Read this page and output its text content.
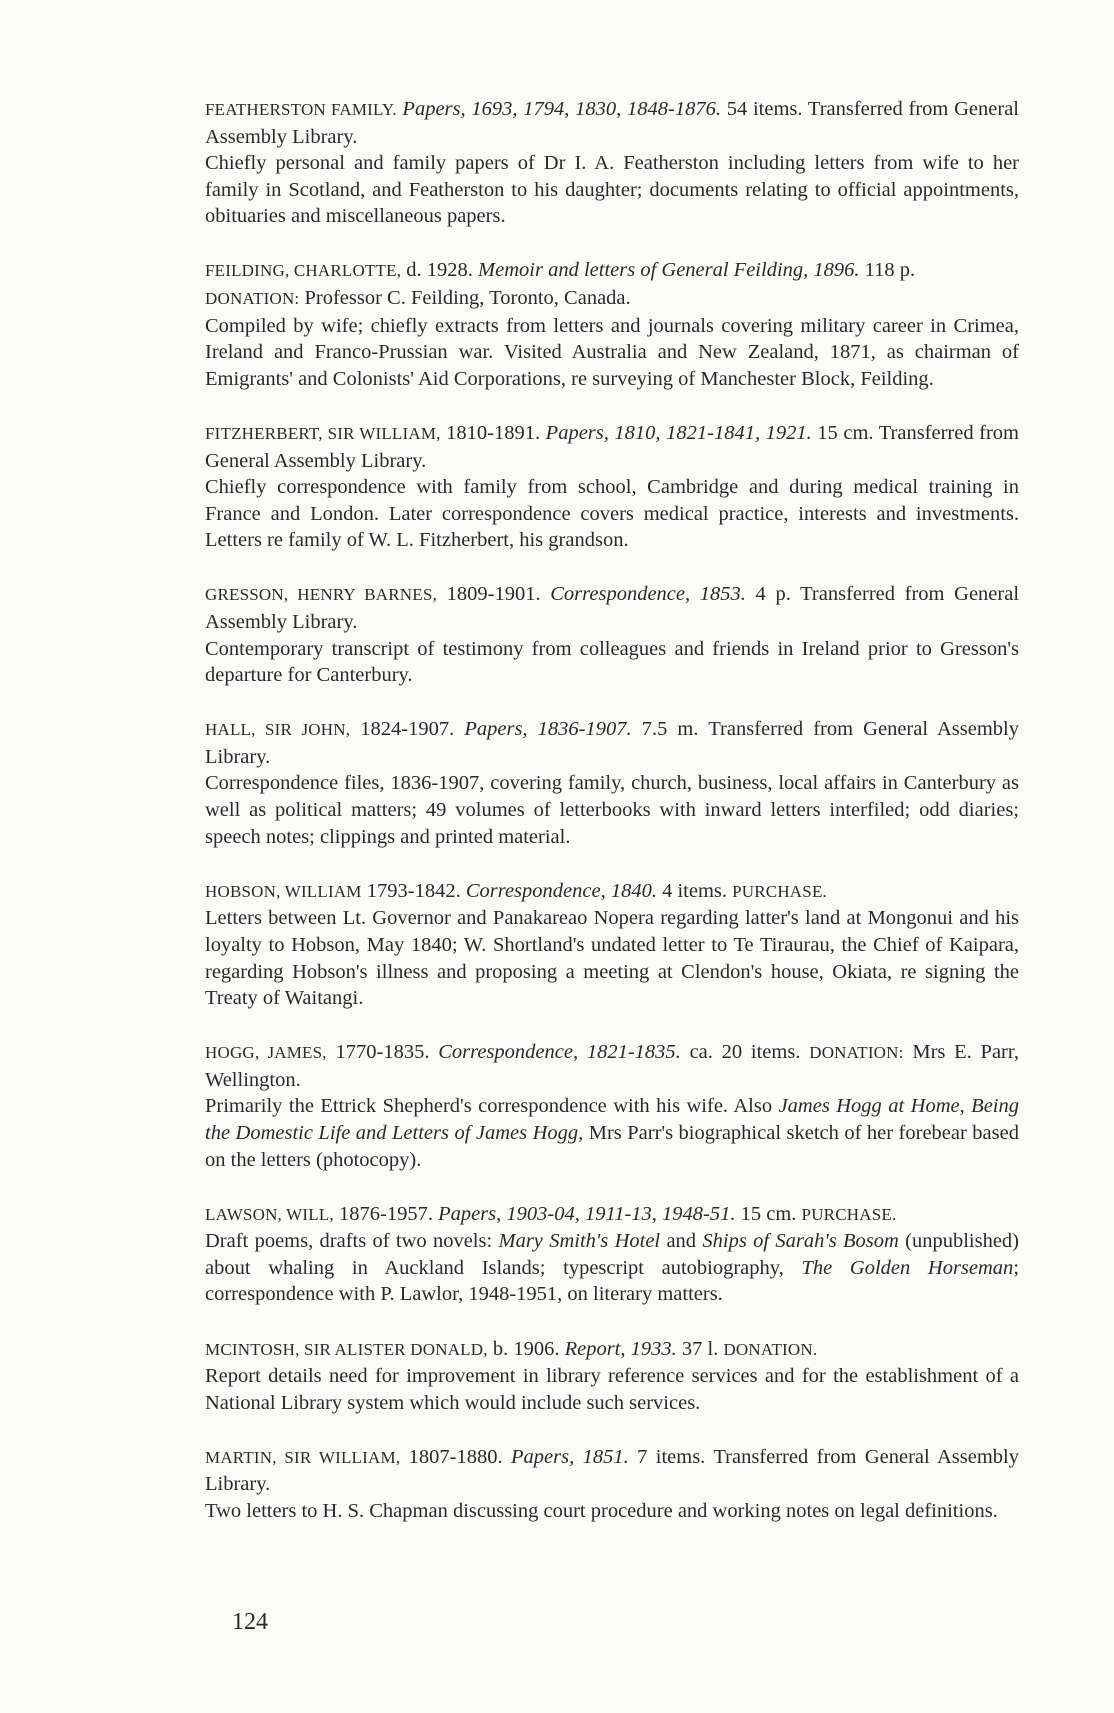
FEATHERSTON FAMILY. Papers, 1693, 1794, 1830, 1848-1876. 54 items. Transferred from General Assembly Library.

Chiefly personal and family papers of Dr I. A. Featherston including letters from wife to her family in Scotland, and Featherston to his daughter; documents relating to official appointments, obituaries and miscellaneous papers.

FEILDING, CHARLOTTE, d. 1928. Memoir and letters of General Feilding, 1896. 118 p.

DONATION: Professor C. Feilding, Toronto, Canada.

Compiled by wife; chiefly extracts from letters and journals covering military career in Crimea, Ireland and Franco-Prussian war. Visited Australia and New Zealand, 1871, as chairman of Emigrants' and Colonists' Aid Corporations, re surveying of Manchester Block, Feilding.

FITZHERBERT, SIR WILLIAM, 1810-1891. Papers, 1810, 1821-1841, 1921. 15 cm. Transferred from General Assembly Library.

Chiefly correspondence with family from school, Cambridge and during medical training in France and London. Later correspondence covers medical practice, interests and investments. Letters re family of W. L. Fitzherbert, his grandson.

GRESSON, HENRY BARNES, 1809-1901. Correspondence, 1853. 4 p. Transferred from General Assembly Library.

Contemporary transcript of testimony from colleagues and friends in Ireland prior to Gresson's departure for Canterbury.

HALL, SIR JOHN, 1824-1907. Papers, 1836-1907. 7.5 m. Transferred from General Assembly Library.

Correspondence files, 1836-1907, covering family, church, business, local affairs in Canterbury as well as political matters; 49 volumes of letterbooks with inward letters interfiled; odd diaries; speech notes; clippings and printed material.

HOBSON, WILLIAM 1793-1842. Correspondence, 1840. 4 items. PURCHASE.

Letters between Lt. Governor and Panakareao Nopera regarding latter's land at Mongonui and his loyalty to Hobson, May 1840; W. Shortland's undated letter to Te Tiraurau, the Chief of Kaipara, regarding Hobson's illness and proposing a meeting at Clendon's house, Okiata, re signing the Treaty of Waitangi.

HOGG, JAMES, 1770-1835. Correspondence, 1821-1835. ca. 20 items. DONATION: Mrs E. Parr, Wellington.

Primarily the Ettrick Shepherd's correspondence with his wife. Also James Hogg at Home, Being the Domestic Life and Letters of James Hogg, Mrs Parr's biographical sketch of her forebear based on the letters (photocopy).

LAWSON, WILL, 1876-1957. Papers, 1903-04, 1911-13, 1948-51. 15 cm. PURCHASE.

Draft poems, drafts of two novels: Mary Smith's Hotel and Ships of Sarah's Bosom (unpublished) about whaling in Auckland Islands; typescript autobiography, The Golden Horseman; correspondence with P. Lawlor, 1948-1951, on literary matters.

MCINTOSH, SIR ALISTER DONALD, b. 1906. Report, 1933. 37 l. DONATION.

Report details need for improvement in library reference services and for the establishment of a National Library system which would include such services.

MARTIN, SIR WILLIAM, 1807-1880. Papers, 1851. 7 items. Transferred from General Assembly Library.

Two letters to H. S. Chapman discussing court procedure and working notes on legal definitions.

124
